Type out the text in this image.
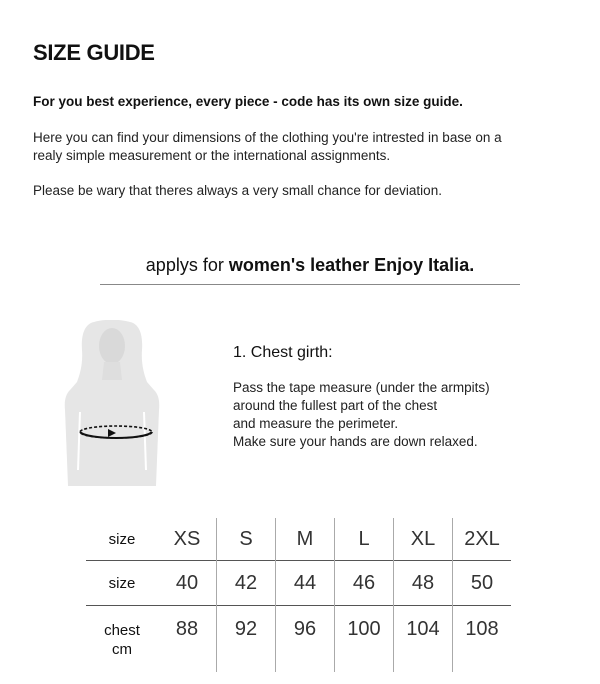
SIZE GUIDE
For you best experience, every piece - code has its own size guide.
Here you can find your dimensions of the clothing you're intrested in base on a
realy simple measurement or the international assignments.
Please be wary that theres always a very small chance for deviation.
applys for women's leather Enjoy Italia.
1. Chest girth:
Pass the tape measure (under the armpits)
around the fullest part of the chest
and measure the perimeter.
Make sure your hands are down relaxed.
size	XS	S	M	L	XL	2XL
size	40	42	44	46	48	50

chest
cm	88	92	96	100	104	108
